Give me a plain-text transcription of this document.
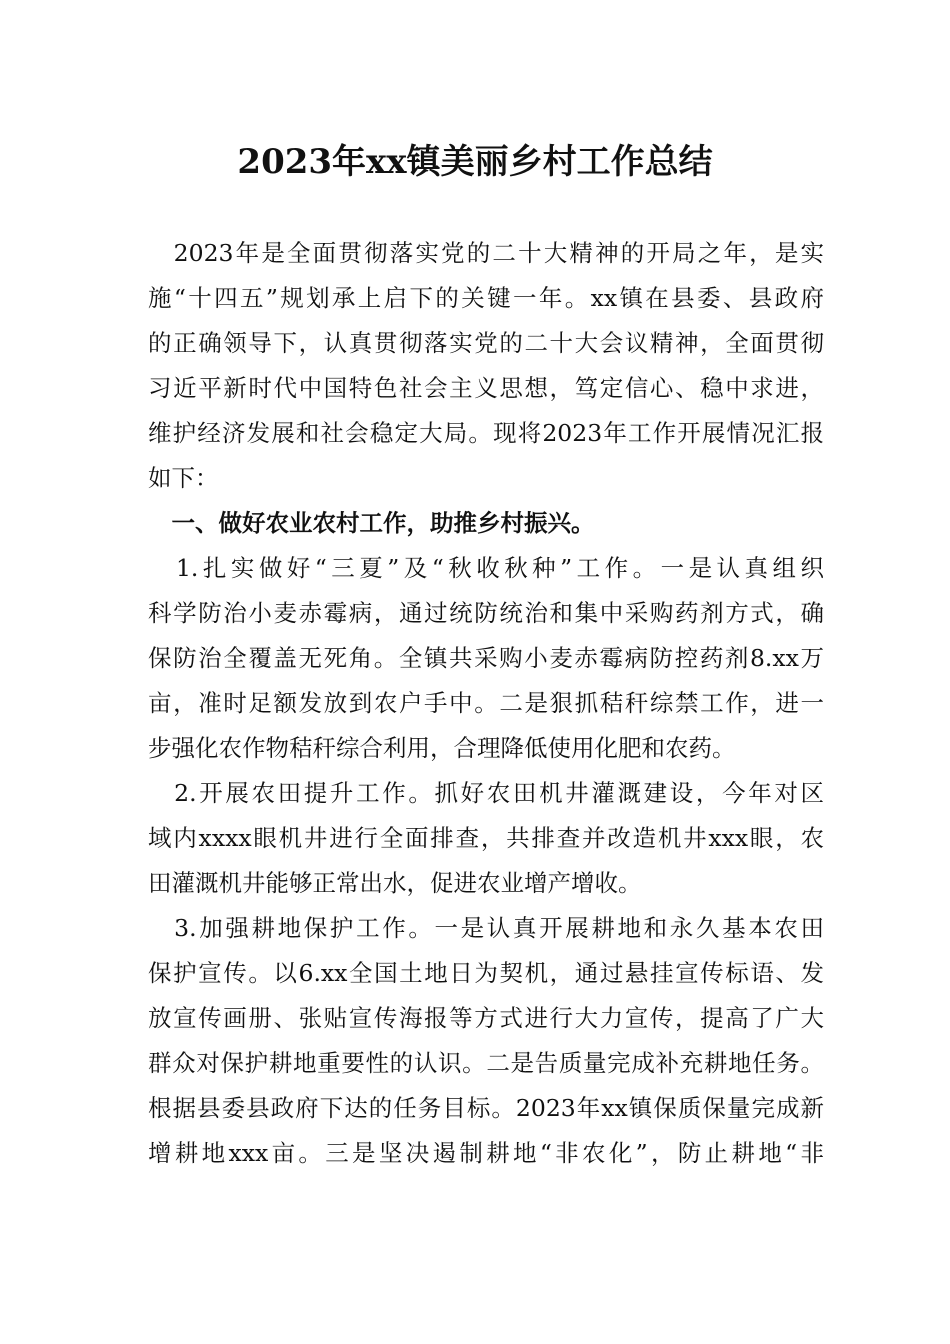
2023年xx镇美丽乡村工作总结
　2023年是全面贯彻落实党的二十大精神的开局之年，是实
施“十四五”规划承上启下的关键一年。xx镇在县委、县政府
的正确领导下，认真贯彻落实党的二十大会议精神，全面贯彻
习近平新时代中国特色社会主义思想，笃定信心、稳中求进，
维护经济发展和社会稳定大局。现将2023年工作开展情况汇报
如下：
　一、做好农业农村工作，助推乡村振兴。
　1.扎实做好“三夏”及“秋收秋种”工作。一是认真组织
科学防治小麦赤霉病，通过统防统治和集中采购药剂方式，确
保防治全覆盖无死角。全镇共采购小麦赤霉病防控药剂8.xx万
亩，准时足额发放到农户手中。二是狠抓秸秆综禁工作，进一
步强化农作物秸秆综合利用，合理降低使用化肥和农药。
　2.开展农田提升工作。抓好农田机井灌溉建设，今年对区
域内xxxx眼机井进行全面排查，共排查并改造机井xxx眼，农
田灌溉机井能够正常出水，促进农业增产增收。
　3.加强耕地保护工作。一是认真开展耕地和永久基本农田
保护宣传。以6.xx全国土地日为契机，通过悬挂宣传标语、发
放宣传画册、张贴宣传海报等方式进行大力宣传，提高了广大
群众对保护耕地重要性的认识。二是告质量完成补充耕地任务。
根据县委县政府下达的任务目标。2023年xx镇保质保量完成新
增耕地xxx亩。三是坚决遏制耕地“非农化”，防止耕地“非
